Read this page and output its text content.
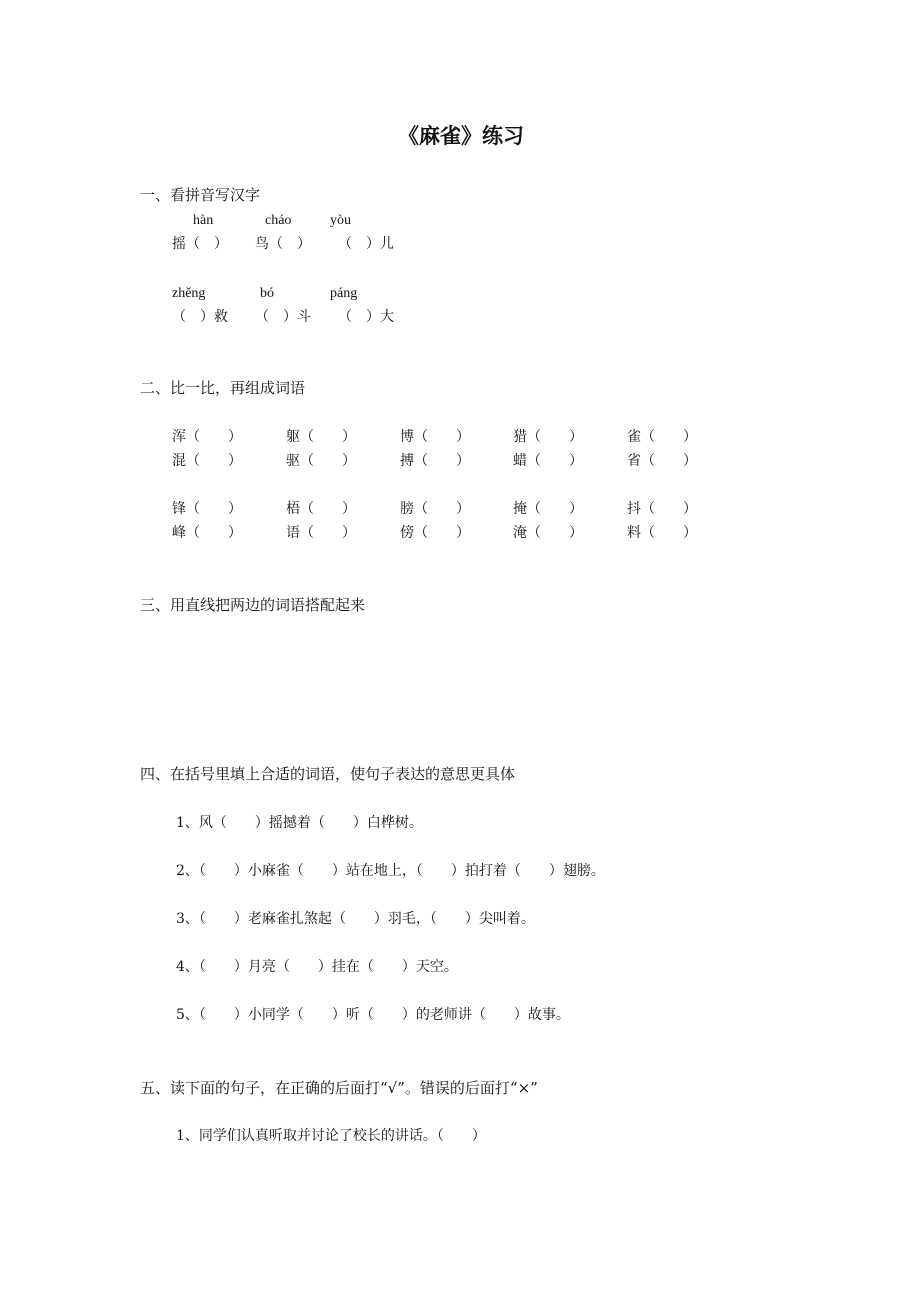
《麻雀》练习
一、看拼音写汉字
hàn	cháo	yòu
摇（　） 鸟（　） （　）儿
zhěng	bó	páng
（　）救 （　）斗 （　）大
二、比一比，再组成词语
浑（　　）	躯（　　）	博（　　）	猎（　　）	雀（　　）
混（　　）	驱（　　）	搏（　　）	蜡（　　）	省（　　）
锋（　　）	梧（　　）	膀（　　）	掩（　　）	抖（　　）
峰（　　）	语（　　）	傍（　　）	淹（　　）	料（　　）
三、用直线把两边的词语搭配起来
四、在括号里填上合适的词语，使句子表达的意思更具体
1、风（　　）摇撼着（　　）白桦树。
2、（　　）小麻雀（　　）站在地上，（　　）拍打着（　　）翅膀。
3、（　　）老麻雀扎煞起（　　）羽毛，（　　）尖叫着。
4、（　　）月亮（　　）挂在（　　）天空。
5、（　　）小同学（　　）听（　　）的老师讲（　　）故事。
五、读下面的句子，在正确的后面打“√”。错误的后面打“×”
1、同学们认真听取并讨论了校长的讲话。（　　）
